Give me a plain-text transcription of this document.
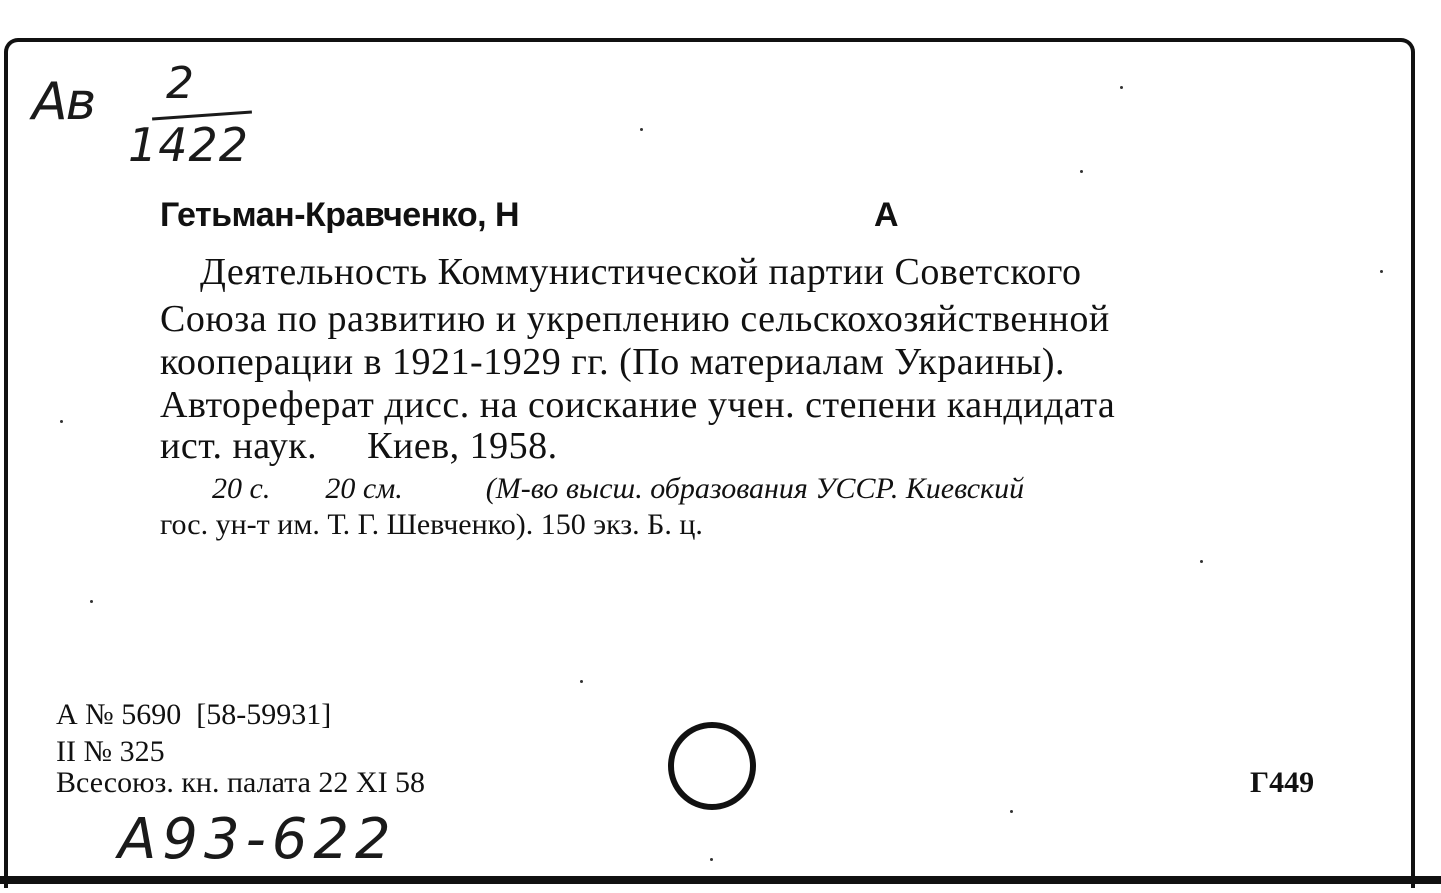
Ав 2
1422
Гетьман-Кравченко, Н	А
Деятельность Коммунистической партии Советского
Союза по развитию и укреплению сельскохозяйственной
кооперации в 1921-1929 гг. (По материалам Украины).
Автореферат дисс. на соискание учен. степени кандидата
ист. наук.     Киев, 1958.
20 с. 20 см.	(М-во высш. образования УССР. Киевский
гос. ун-т им. Т. Г. Шевченко). 150 экз. Б. ц.
А № 5690  [58-59931]
II № 325
Всесоюз. кн. палата 22 XI 58	Г449
А93-622
